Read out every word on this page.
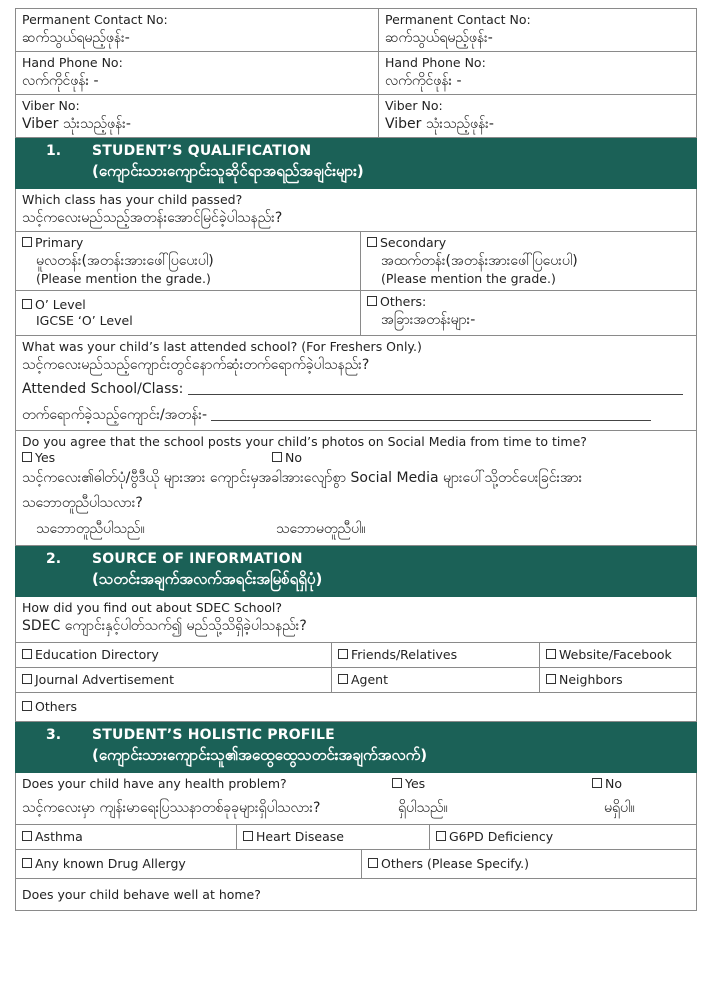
Permanent Contact No:
ဆက်သွယ်ရမည့်ဖုန်း-
Permanent Contact No:
ဆက်သွယ်ရမည့်ဖုန်း-
Hand Phone No:
လက်ကိုင်ဖုန်း -
Hand Phone No:
လက်ကိုင်ဖုန်း -
Viber No:
Viber သုံးသည့်ဖုန်း-
Viber No:
Viber သုံးသည့်ဖုန်း-
1. STUDENT’S QUALIFICATION
(ကျောင်းသားကျောင်းသူဆိုင်ရာအရည်အချင်းများ)
Which class has your child passed?
သင့်ကလေးမည်သည့်အတန်းအောင်မြင်ခဲ့ပါသနည်း?
Primary
မူလတန်း(အတန်းအားဖေါ်ပြပေးပါ)
(Please mention the grade.)
Secondary
အထက်တန်း(အတန်းအားဖေါ်ပြပေးပါ)
(Please mention the grade.)
O’ Level
IGCSE ‘O’ Level
Others:
အခြားအတန်းများ-
What was your child’s last attended school? (For Freshers Only.)
သင့်ကလေးမည်သည့်ကျောင်းတွင်နောက်ဆုံးတက်ရောက်ခဲ့ပါသနည်း?
Attended School/Class:
တက်ရောက်ခဲ့သည့်ကျောင်း/အတန်း-
Do you agree that the school posts your child’s photos on Social Media from time to time?
Yes	No
သင့်ကလေး၏ဓါတ်ပုံ/ဗွီဒီယို များအား ကျောင်းမှအခါအားလျော်စွာ Social Media များပေါ်သို့တင်ပေးခြင်းအား
သဘောတူညီပါသလား?
သဘောတူညီပါသည်။	သဘောမတူညီပါ။
2. SOURCE OF INFORMATION
(သတင်းအချက်အလက်အရင်းအမြစ်ရရှိပုံ)
How did you find out about SDEC School?
SDEC ကျောင်းနှင့်ပါတ်သက်၍ မည်သို့သိရှိခဲ့ပါသနည်း?
Education Directory	Friends/Relatives	Website/Facebook
Journal Advertisement	Agent	Neighbors
Others
3. STUDENT’S HOLISTIC PROFILE
(ကျောင်းသားကျောင်းသူ၏အထွေထွေသတင်းအချက်အလက်)
Does your child have any health problem?	Yes	No
သင့်ကလေးမှာ ကျန်းမာရေးပြဿနာတစ်ခုခုများရှိပါသလား?	ရှိပါသည်။	မရှိပါ။
Asthma	Heart Disease	G6PD Deficiency
Any known Drug Allergy	Others (Please Specify.)
Does your child behave well at home?
